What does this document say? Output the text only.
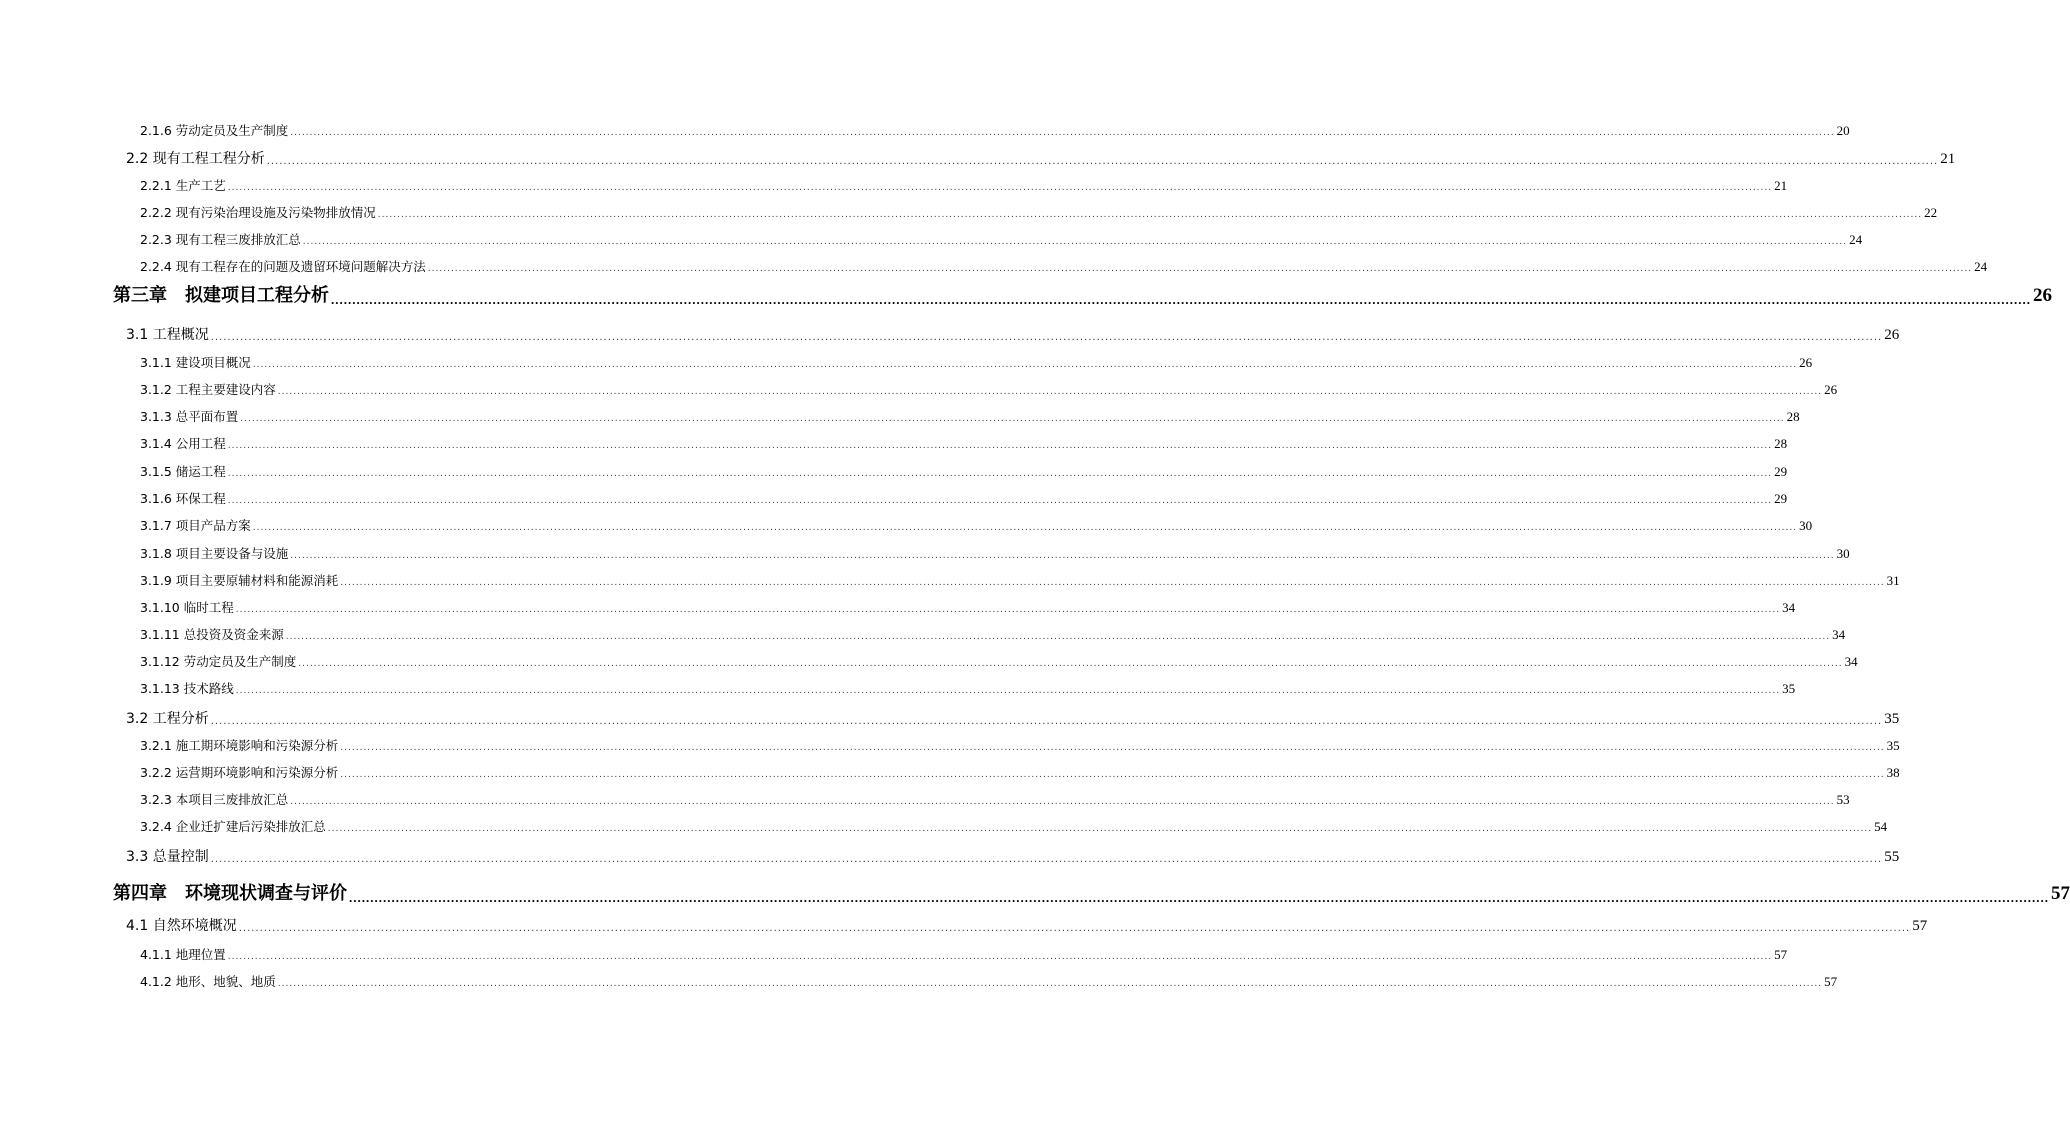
2.1.6 劳动定员及生产制度 ................................................................................................................................................................................................................................................................................................................................................................................................................ 20
2.2 现有工程工程分析 ................................................................................................................................................................................................................................................................................................................................................................................................................ 21
2.2.1 生产工艺 ................................................................................................................................................................................................................................................................................................................................................................................................................ 21
2.2.2 现有污染治理设施及污染物排放情况 ................................................................................................................................................................................................................................................................................................................................................................................................................ 22
2.2.3 现有工程三废排放汇总 ................................................................................................................................................................................................................................................................................................................................................................................................................ 24
2.2.4 现有工程存在的问题及遗留环境问题解决方法 ................................................................................................................................................................................................................................................................................................................................................................................................................ 24
第三章　拟建项目工程分析 ................................................................................................................................................................................................................................................................................................................................................................................................................ 26
3.1 工程概况 ................................................................................................................................................................................................................................................................................................................................................................................................................ 26
3.1.1 建设项目概况 ................................................................................................................................................................................................................................................................................................................................................................................................................ 26
3.1.2 工程主要建设内容 ................................................................................................................................................................................................................................................................................................................................................................................................................ 26
3.1.3 总平面布置 ................................................................................................................................................................................................................................................................................................................................................................................................................ 28
3.1.4 公用工程 ................................................................................................................................................................................................................................................................................................................................................................................................................ 28
3.1.5 储运工程 ................................................................................................................................................................................................................................................................................................................................................................................................................ 29
3.1.6 环保工程 ................................................................................................................................................................................................................................................................................................................................................................................................................ 29
3.1.7 项目产品方案 ................................................................................................................................................................................................................................................................................................................................................................................................................ 30
3.1.8 项目主要设备与设施 ................................................................................................................................................................................................................................................................................................................................................................................................................ 30
3.1.9 项目主要原辅材料和能源消耗 ................................................................................................................................................................................................................................................................................................................................................................................................................ 31
3.1.10 临时工程 ................................................................................................................................................................................................................................................................................................................................................................................................................ 34
3.1.11 总投资及资金来源 ................................................................................................................................................................................................................................................................................................................................................................................................................ 34
3.1.12 劳动定员及生产制度 ................................................................................................................................................................................................................................................................................................................................................................................................................ 34
3.1.13 技术路线 ................................................................................................................................................................................................................................................................................................................................................................................................................ 35
3.2 工程分析 ................................................................................................................................................................................................................................................................................................................................................................................................................ 35
3.2.1 施工期环境影响和污染源分析 ................................................................................................................................................................................................................................................................................................................................................................................................................ 35
3.2.2 运营期环境影响和污染源分析 ................................................................................................................................................................................................................................................................................................................................................................................................................ 38
3.2.3 本项目三废排放汇总 ................................................................................................................................................................................................................................................................................................................................................................................................................ 53
3.2.4 企业迁扩建后污染排放汇总 ................................................................................................................................................................................................................................................................................................................................................................................................................ 54
3.3 总量控制 ................................................................................................................................................................................................................................................................................................................................................................................................................ 55
第四章　环境现状调查与评价 ................................................................................................................................................................................................................................................................................................................................................................................................................ 57
4.1 自然环境概况 ................................................................................................................................................................................................................................................................................................................................................................................................................ 57
4.1.1 地理位置 ................................................................................................................................................................................................................................................................................................................................................................................................................ 57
4.1.2 地形、地貌、地质 ................................................................................................................................................................................................................................................................................................................................................................................................................ 57
